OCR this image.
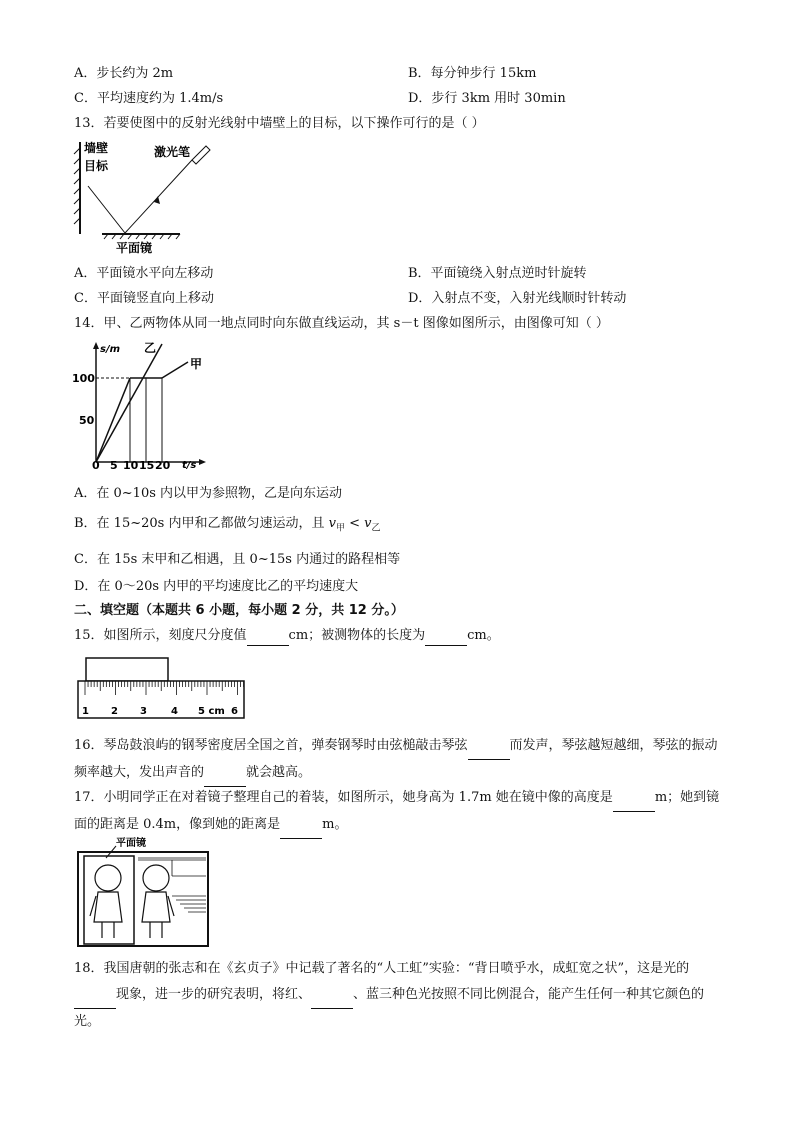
A．步长约为 2m	B．每分钟步行 15km
C．平均速度约为 1.4m/s	D．步行 3km 用时 30min
13．若要使图中的反射光线射中墙壁上的目标，以下操作可行的是（ ）
墙壁
目标
激光笔
平面镜
A．平面镜水平向左移动	B．平面镜绕入射点逆时针旋转
C．平面镜竖直向上移动	D．入射点不变，入射光线顺时针转动
14．甲、乙两物体从同一地点同时向东做直线运动，其 s－t 图像如图所示，由图像可知（ ）
s/m
t/s
100
50
0 5 10 15 20
乙
甲
A．在 0~10s 内以甲为参照物，乙是向东运动
B．在 15~20s 内甲和乙都做匀速运动，且 $v_甲 < v_乙$
C．在 15s 末甲和乙相遇，且 0~15s 内通过的路程相等
D．在 0～20s 内甲的平均速度比乙的平均速度大
二、填空题（本题共 6 小题，每小题 2 分，共 12 分。）
15．如图所示，刻度尺分度值	cm；被测物体的长度为	cm。
1 2 3 4 5 cm 6
16．琴岛鼓浪屿的钢琴密度居全国之首，弹奏钢琴时由弦槌敲击琴弦	而发声，琴弦越短越细，琴弦的振动频率越大，发出声音的	就会越高。
17．小明同学正在对着镜子整理自己的着装，如图所示，她身高为 1.7m 她在镜中像的高度是	m；她到镜面的距离是 0.4m，像到她的距离是	m。
平面镜
18．我国唐朝的张志和在《玄贞子》中记载了著名的“人工虹”实验：“背日喷乎水，成虹宽之状”，这是光的 现象，进一步的研究表明，将红、	、蓝三种色光按照不同比例混合，能产生任何一种其它颜色的光。
